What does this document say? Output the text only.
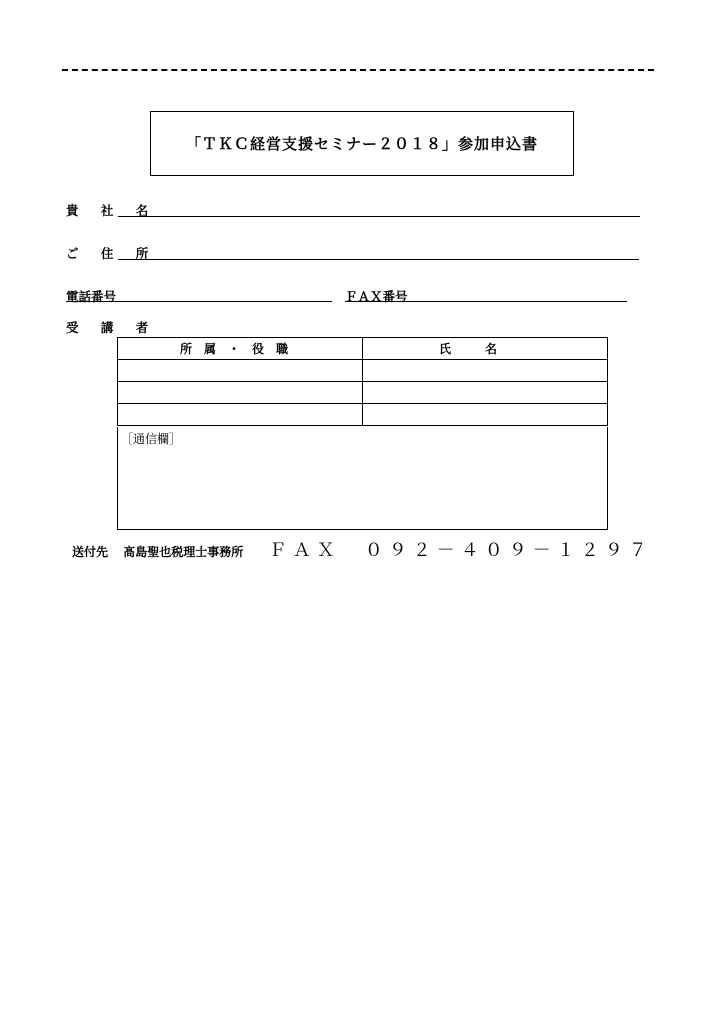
「ＴＫＣ経営支援セミナー２０１８」参加申込書
貴 社 名
ご 住 所
電話番号	ＦＡＸ番号
受 講 者
所属・役職	氏名

［通信欄］
送付先 髙島聖也税理士事務所 ＦＡＸ　０９２－４０９－１２９７
